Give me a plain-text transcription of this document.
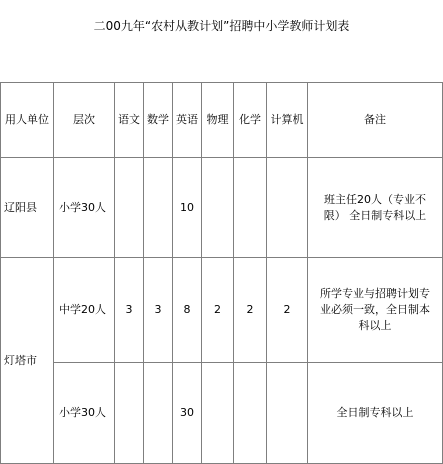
二00九年“农村从教计划”招聘中小学教师计划表
用人单位	层次	语文	数学	英语	物理	化学	计算机	备注
辽阳县	小学30人			10				班主任20人（专业不限） 全日制专科以上
灯塔市	中学20人	3	3	8	2	2	2	所学专业与招聘计划专业必须一致，全日制本科以上
	小学30人			30				全日制专科以上
